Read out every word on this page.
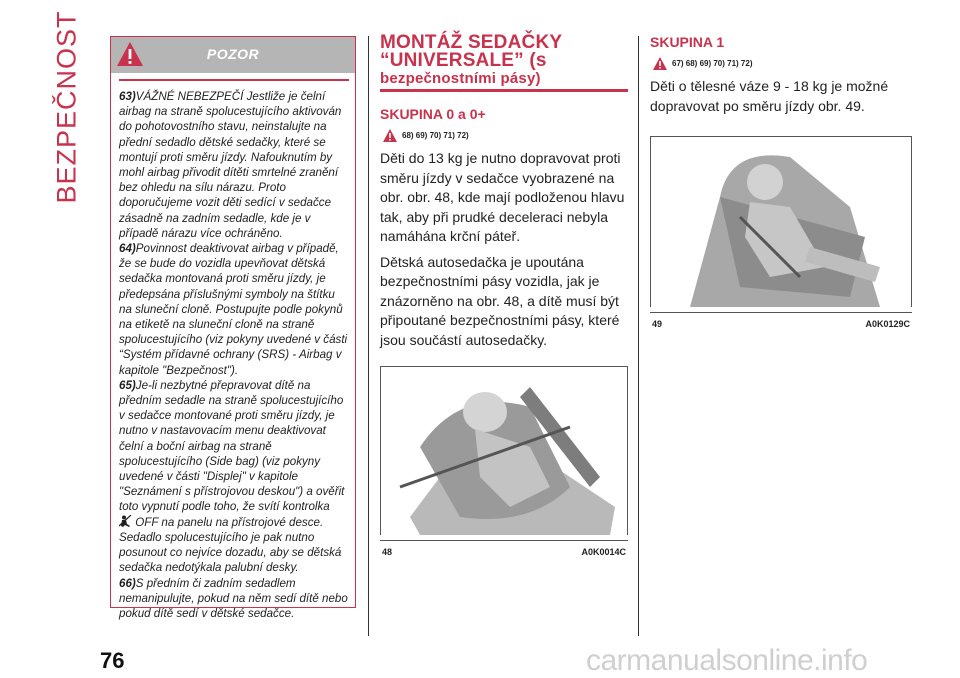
BEZPEČNOST	POZOR

63)VÁŽNÉ NEBEZPEČÍ Jestliže je čelní airbag na straně spolucestujícího aktivován do pohotovostního stavu, neinstalujte na přední sedadlo dětské sedačky, které se montují proti směru jízdy. Nafouknutím by mohl airbag přivodit dítěti smrtelné zranění bez ohledu na sílu nárazu. Proto doporučujeme vozit děti sedící v sedačce zásadně na zadním sedadle, kde je v případě nárazu více ochráněno.

64)Povinnost deaktivovat airbag v případě, že se bude do vozidla upevňovat dětská sedačka montovaná proti směru jízdy, je předepsána příslušnými symboly na štítku na sluneční cloně. Postupujte podle pokynů na etiketě na sluneční cloně na straně spolucestujícího (viz pokyny uvedené v části “Systém přídavné ochrany (SRS) - Airbag v kapitole "Bezpečnost").

65)Je-li nezbytné přepravovat dítě na předním sedadle na straně spolucestujícího v sedačce montované proti směru jízdy, je nutno v nastavovacím menu deaktivovat čelní a boční airbag na straně spolucestujícího (Side bag) (viz pokyny uvedené v části "Displej" v kapitole "Seznámení s přístrojovou deskou") a ověřit toto vypnutí podle toho, že svítí kontrolka

OFF na panelu na přístrojové desce. Sedadlo spolucestujícího je pak nutno posunout co nejvíce dozadu, aby se dětská sedačka nedotýkala palubní desky.

66)S předním či zadním sedadlem nemanipulujte, pokud na něm sedí dítě nebo pokud dítě sedí v dětské sedačce.

MONTÁŽ SEDAČKY
“UNIVERSALE” (s
bezpečnostními pásy)
SKUPINA 0 a 0+
68) 69) 70) 71) 72)

Děti do 13 kg je nutno dopravovat proti směru jízdy v sedačce vyobrazené na obr. obr. 48, kde mají podloženou hlavu tak, aby při prudké deceleraci nebyla namáhána krční páteř.

Dětská autosedačka je upoutána bezpečnostními pásy vozidla, jak je znázorněno na obr. 48, a dítě musí být připoutané bezpečnostními pásy, které jsou součástí autosedačky.

48	A0K0014C
SKUPINA 1
67) 68) 69) 70) 71) 72)

Děti o tělesné váze 9 - 18 kg je možné dopravovat po směru jízdy obr. 49.

49	A0K0129C
76	carmanualsonline.info
